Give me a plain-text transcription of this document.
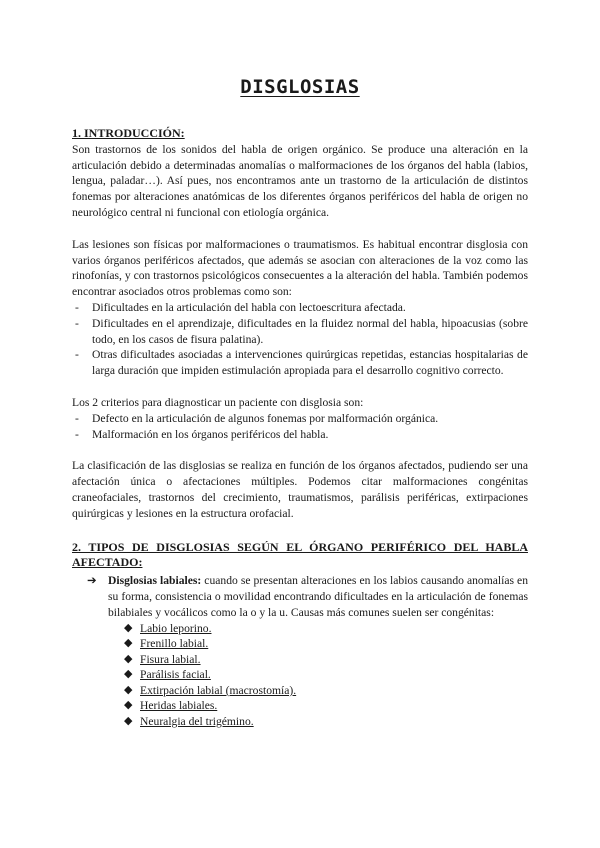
DISGLOSIAS
1. INTRODUCCIÓN:

Son trastornos de los sonidos del habla de origen orgánico. Se produce una alteración en la articulación debido a determinadas anomalías o malformaciones de los órganos del habla (labios, lengua, paladar…). Así pues, nos encontramos ante un trastorno de la articulación de distintos fonemas por alteraciones anatómicas de los diferentes órganos periféricos del habla de origen no neurológico central ni funcional con etiología orgánica.

Las lesiones son físicas por malformaciones o traumatismos. Es habitual encontrar disglosia con varios órganos periféricos afectados, que además se asocian con alteraciones de la voz como las rinofonías, y con trastornos psicológicos consecuentes a la alteración del habla. También podemos encontrar asociados otros problemas como son:

- Dificultades en la articulación del habla con lectoescritura afectada.
- Dificultades en el aprendizaje, dificultades en la fluidez normal del habla, hipoacusias (sobre todo, en los casos de fisura palatina).
- Otras dificultades asociadas a intervenciones quirúrgicas repetidas, estancias hospitalarias de larga duración que impiden estimulación apropiada para el desarrollo cognitivo correcto.

Los 2 criterios para diagnosticar un paciente con disglosia son:

- Defecto en la articulación de algunos fonemas por malformación orgánica.
- Malformación en los órganos periféricos del habla.

La clasificación de las disglosias se realiza en función de los órganos afectados, pudiendo ser una afectación única o afectaciones múltiples. Podemos citar malformaciones congénitas craneofaciales, trastornos del crecimiento, traumatismos, parálisis periféricas, extirpaciones quirúrgicas y lesiones en la estructura orofacial.

2. TIPOS DE DISGLOSIAS SEGÚN EL ÓRGANO PERIFÉRICO DEL HABLA AFECTADO:
➔ Disglosias labiales: cuando se presentan alteraciones en los labios causando anomalías en su forma, consistencia o movilidad encontrando dificultades en la articulación de fonemas bilabiales y vocálicos como la o y la u. Causas más comunes suelen ser congénitas:

◆ Labio leporino.
◆ Frenillo labial.
◆ Fisura labial.
◆ Parálisis facial.
◆ Extirpación labial (macrostomía).
◆ Heridas labiales.
◆ Neuralgia del trigémino.
